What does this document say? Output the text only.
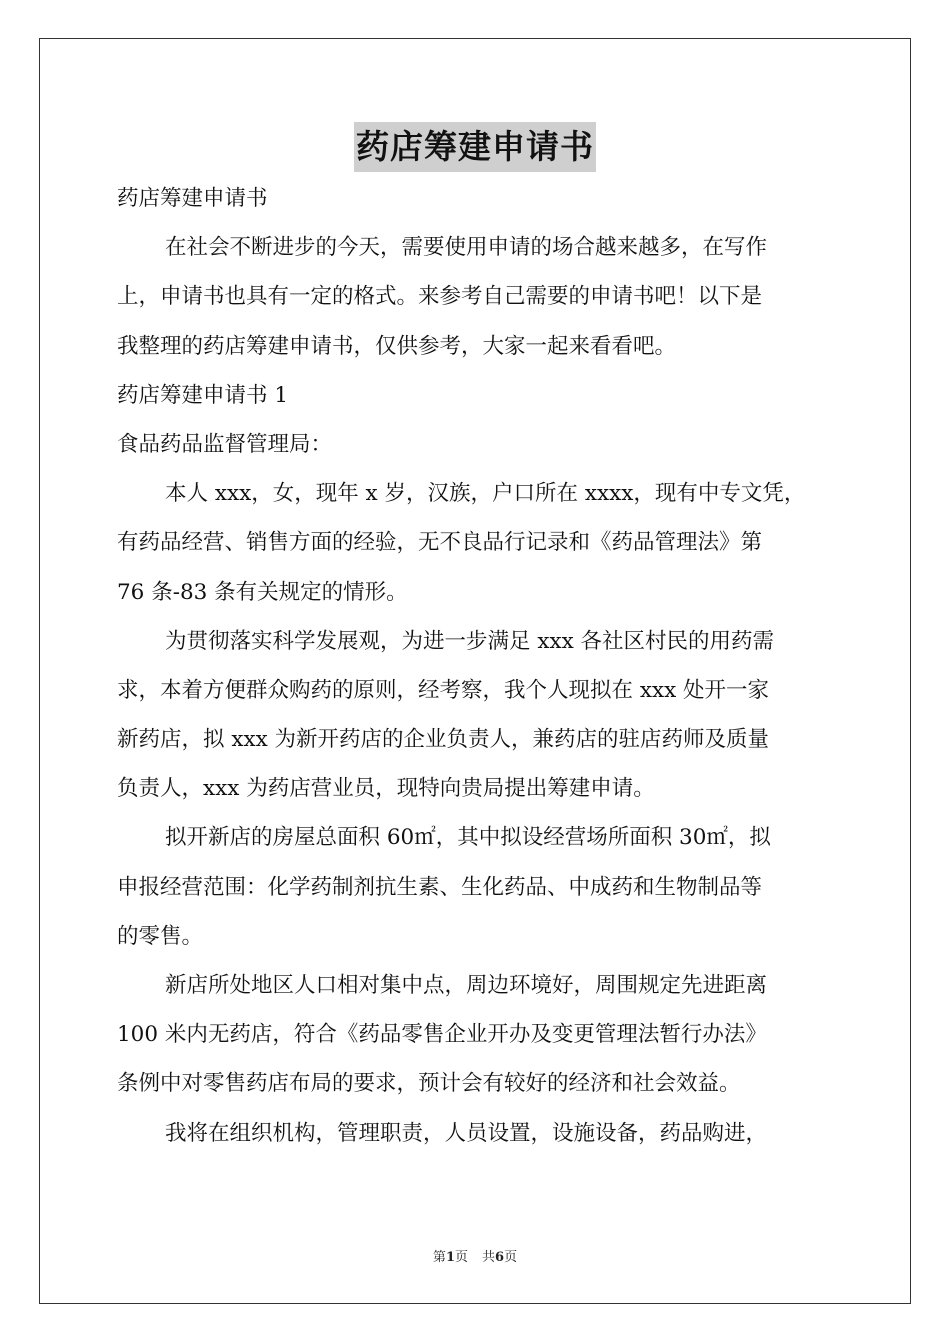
药店筹建申请书
药店筹建申请书
在社会不断进步的今天，需要使用申请的场合越来越多，在写作
上，申请书也具有一定的格式。来参考自己需要的申请书吧！以下是
我整理的药店筹建申请书，仅供参考，大家一起来看看吧。
药店筹建申请书 1
食品药品监督管理局：
本人 xxx，女，现年 x 岁，汉族，户口所在 xxxx，现有中专文凭，
有药品经营、销售方面的经验，无不良品行记录和《药品管理法》第
76 条-83 条有关规定的情形。
为贯彻落实科学发展观，为进一步满足 xxx 各社区村民的用药需
求，本着方便群众购药的原则，经考察，我个人现拟在 xxx 处开一家
新药店，拟 xxx 为新开药店的企业负责人，兼药店的驻店药师及质量
负责人，xxx 为药店营业员，现特向贵局提出筹建申请。
拟开新店的房屋总面积 60㎡，其中拟设经营场所面积 30㎡，拟
申报经营范围：化学药制剂抗生素、生化药品、中成药和生物制品等
的零售。
新店所处地区人口相对集中点，周边环境好，周围规定先进距离
100 米内无药店，符合《药品零售企业开办及变更管理法暂行办法》
条例中对零售药店布局的要求，预计会有较好的经济和社会效益。
我将在组织机构，管理职责，人员设置，设施设备，药品购进，
第1页 共6页
